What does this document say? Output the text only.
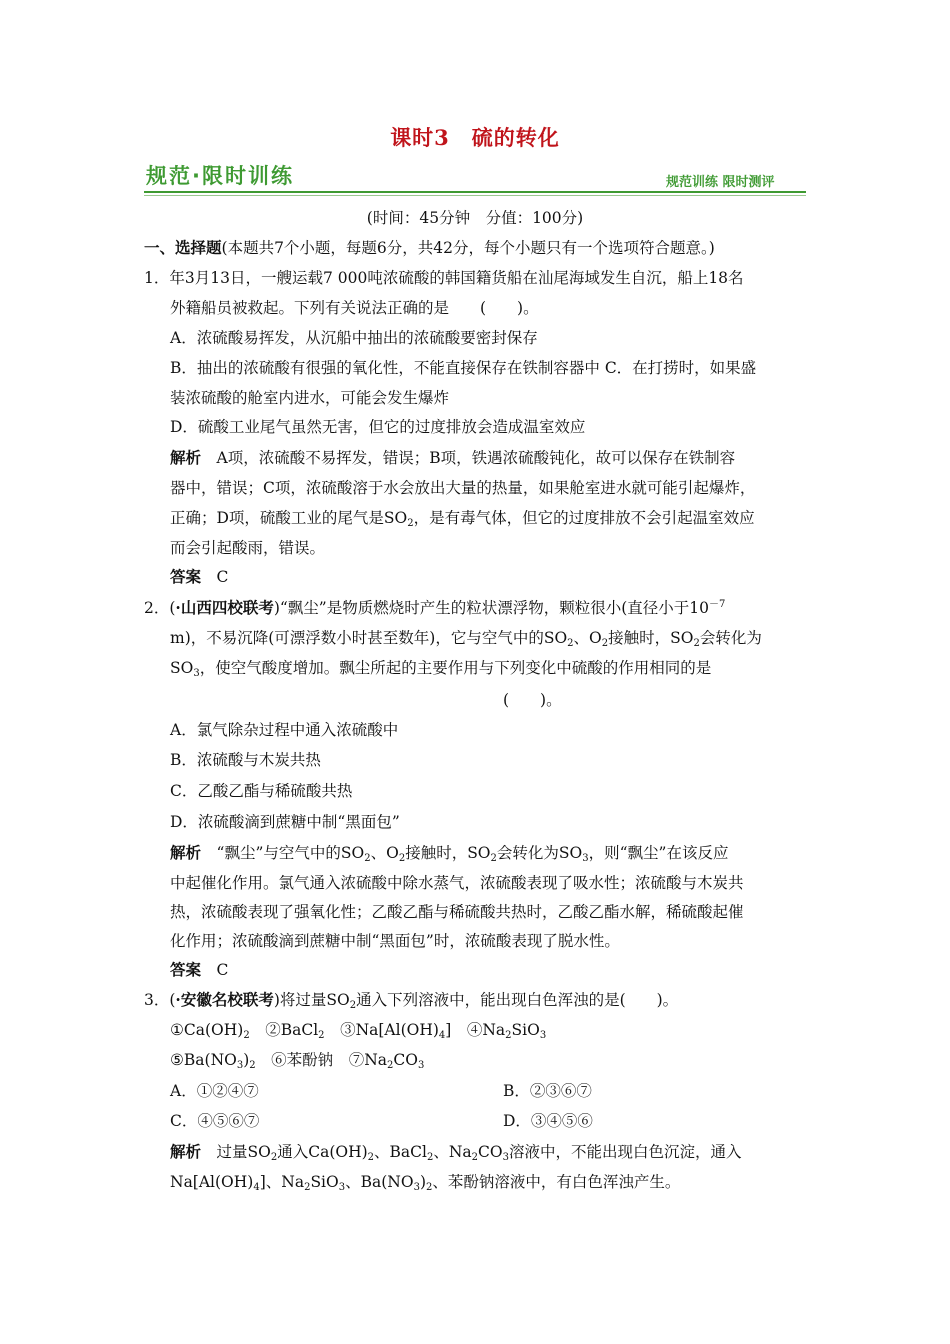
课时3　硫的转化
规范·限时训练	规范训练 限时测评
(时间：45分钟　分值：100分)
一、选择题(本题共7个小题，每题6分，共42分，每个小题只有一个选项符合题意。)
1．年3月13日，一艘运载7 000吨浓硫酸的韩国籍货船在汕尾海域发生自沉，船上18名
外籍船员被救起。下列有关说法正确的是　　(　　)。
A．浓硫酸易挥发，从沉船中抽出的浓硫酸要密封保存
B．抽出的浓硫酸有很强的氧化性，不能直接保存在铁制容器中 C．在打捞时，如果盛
装浓硫酸的舱室内进水，可能会发生爆炸
D．硫酸工业尾气虽然无害，但它的过度排放会造成温室效应
解析　 A项，浓硫酸不易挥发，错误；B项，铁遇浓硫酸钝化，故可以保存在铁制容
器中，错误；C项，浓硫酸溶于水会放出大量的热量，如果舱室进水就可能引起爆炸，
正确；D项，硫酸工业的尾气是$SO_2$，是有毒气体，但它的过度排放不会引起温室效应
而会引起酸雨，错误。
答案　 C
2．(·山西四校联考)“飘尘”是物质燃烧时产生的粒状漂浮物，颗粒很小(直径小于$10^{-7}$
m)，不易沉降(可漂浮数小时甚至数年)，它与空气中的$SO_2$、$O_2$接触时，$SO_2$会转化为
$SO_3$，使空气酸度增加。飘尘所起的主要作用与下列变化中硫酸的作用相同的是
(　　)。
A．氯气除杂过程中通入浓硫酸中
B．浓硫酸与木炭共热
C．乙酸乙酯与稀硫酸共热
D．浓硫酸滴到蔗糖中制“黑面包”
解析　 “飘尘”与空气中的$SO_2$、$O_2$接触时，$SO_2$会转化为$SO_3$，则“飘尘”在该反应
中起催化作用。氯气通入浓硫酸中除水蒸气，浓硫酸表现了吸水性；浓硫酸与木炭共
热，浓硫酸表现了强氧化性；乙酸乙酯与稀硫酸共热时，乙酸乙酯水解，稀硫酸起催
化作用；浓硫酸滴到蔗糖中制“黑面包”时，浓硫酸表现了脱水性。
答案　 C
3．(·安徽名校联考)将过量$SO_2$通入下列溶液中，能出现白色浑浊的是(　　)。
$①Ca(OH)_2$　 ②BaCl$_2$　 $③Na[Al(OH)_4]$　 $④Na_2SiO_3$
$⑤Ba(NO_3)_2$　 ⑥苯酚钠　 $⑦Na_2CO_3$
A．①②④⑦	B．②③⑥⑦
C．④⑤⑥⑦	D．③④⑤⑥
解析　 过量$SO_2$通入$Ca(OH)_2$、BaCl$_2$、$Na_2CO_3$溶液中，不能出现白色沉淀，通入
$Na[Al(OH)_4]$、$Na_2SiO_3$、$Ba(NO_3)_2$、苯酚钠溶液中，有白色浑浊产生。
